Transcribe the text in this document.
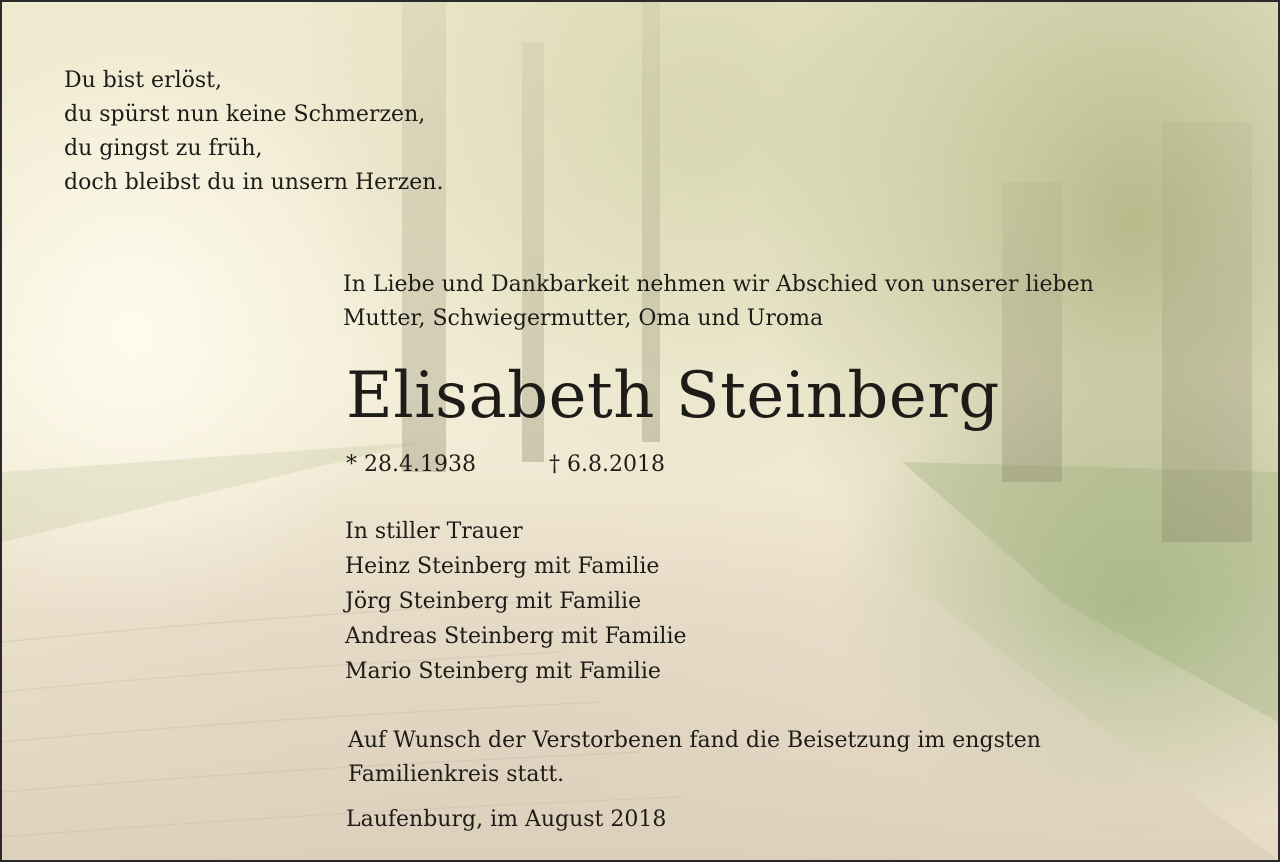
Du bist erlöst,
du spürst nun keine Schmerzen,
du gingst zu früh,
doch bleibst du in unsern Herzen.
In Liebe und Dankbarkeit nehmen wir Abschied von unserer lieben
Mutter, Schwiegermutter, Oma und Uroma
Elisabeth Steinberg
* 28.4.1938	† 6.8.2018
In stiller Trauer
Heinz Steinberg mit Familie
Jörg Steinberg mit Familie
Andreas Steinberg mit Familie
Mario Steinberg mit Familie
Auf Wunsch der Verstorbenen fand die Beisetzung im engsten
Familienkreis statt.
Laufenburg, im August 2018
